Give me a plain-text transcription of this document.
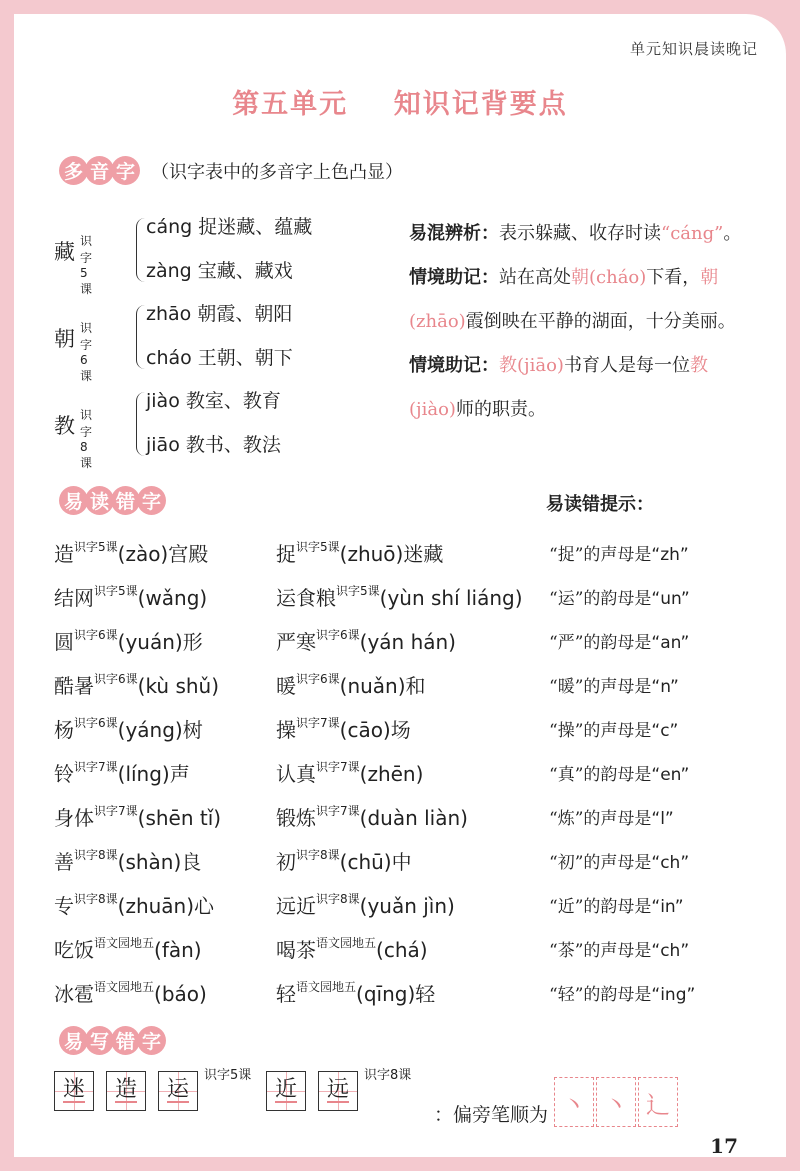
单元知识晨读晚记
第五单元    知识记背要点
多 音 字 （识字表中的多音字上色凸显）
藏 识字5课
cáng 捉迷藏、蕴藏
zàng 宝藏、藏戏
朝 识字6课
zhāo 朝霞、朝阳
cháo 王朝、朝下
教 识字8课
jiào 教室、教育
jiāo 教书、教法
易混辨析：表示躲藏、收存时读“cáng”。
情境助记：站在高处朝(cháo)下看，朝(zhāo)霞倒映在平静的湖面，十分美丽。
情境助记：教(jiāo)书育人是每一位教(jiào)师的职责。
易 读 错 字	易读错提示：
造$^{识字5课}$(zào)宫殿	捉$^{识字5课}$(zhuō)迷藏	“捉”的声母是“zh”
结网$^{识字5课}$(wǎng)	运食粮$^{识字5课}$(yùn shí liáng) “运”的韵母是“un”
圆$^{识字6课}$(yuán)形	严寒$^{识字6课}$(yán hán)	“严”的韵母是“an”
酷暑$^{识字6课}$(kù shǔ)	暖$^{识字6课}$(nuǎn)和	“暖”的声母是“n”
杨$^{识字6课}$(yáng)树	操$^{识字7课}$(cāo)场	“操”的声母是“c”
铃$^{识字7课}$(líng)声	认真$^{识字7课}$(zhēn)	“真”的韵母是“en”
身体$^{识字7课}$(shēn tǐ)	锻炼$^{识字7课}$(duàn liàn)	“炼”的声母是“l”
善$^{识字8课}$(shàn)良	初$^{识字8课}$(chū)中	“初”的声母是“ch”
专$^{识字8课}$(zhuān)心	远近$^{识字8课}$(yuǎn jìn)	“近”的韵母是“in”
吃饭$^{语文园地五}$(fàn)	喝茶$^{语文园地五}$(chá)	“茶”的声母是“ch”
冰雹$^{语文园地五}$(báo)	轻$^{语文园地五}$(qīng)轻	“轻”的韵母是“ing”
易 写 错 字
迷 造 运
识字5课
近 远
识字8课
丶 丶 辶
：偏旁笔顺为
17
